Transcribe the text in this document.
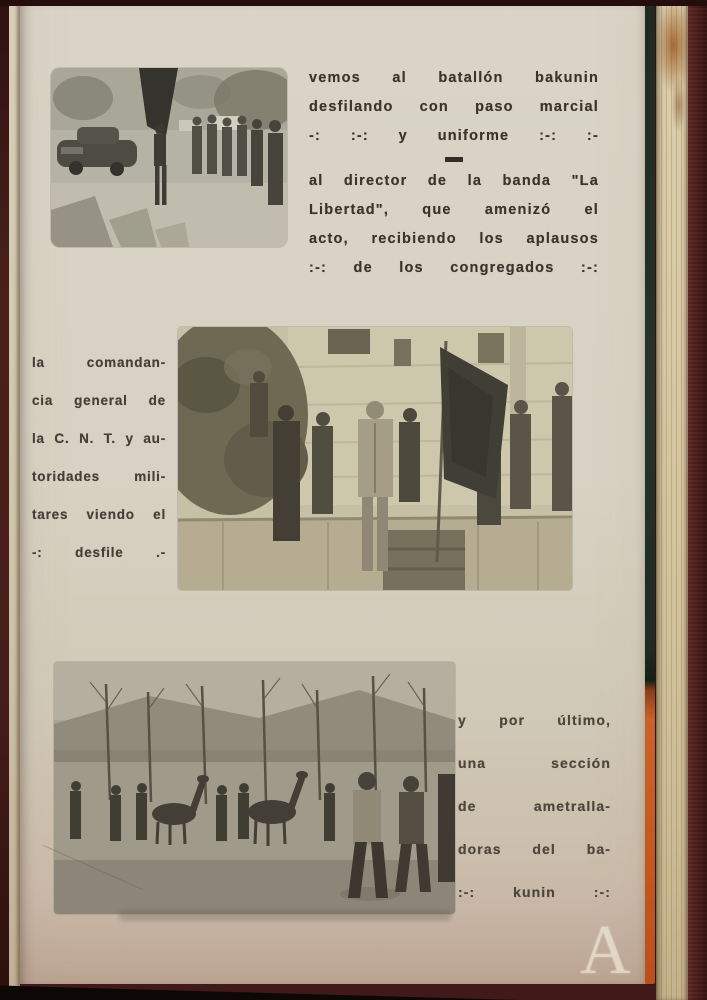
vemos al batallón bakunin
desfilando con paso marcial
-: :-: y uniforme :-: :-
al director de la banda "La
Libertad", que amenizó el
acto, recibiendo los aplausos
:-: de los congregados :-:
la comandan-
cia general de
la C. N. T. y au-
toridades mili-
tares viendo el
-: desfile .-
y por último,
una sección
de ametralla-
doras del ba-
:-: kunin :-:
A
